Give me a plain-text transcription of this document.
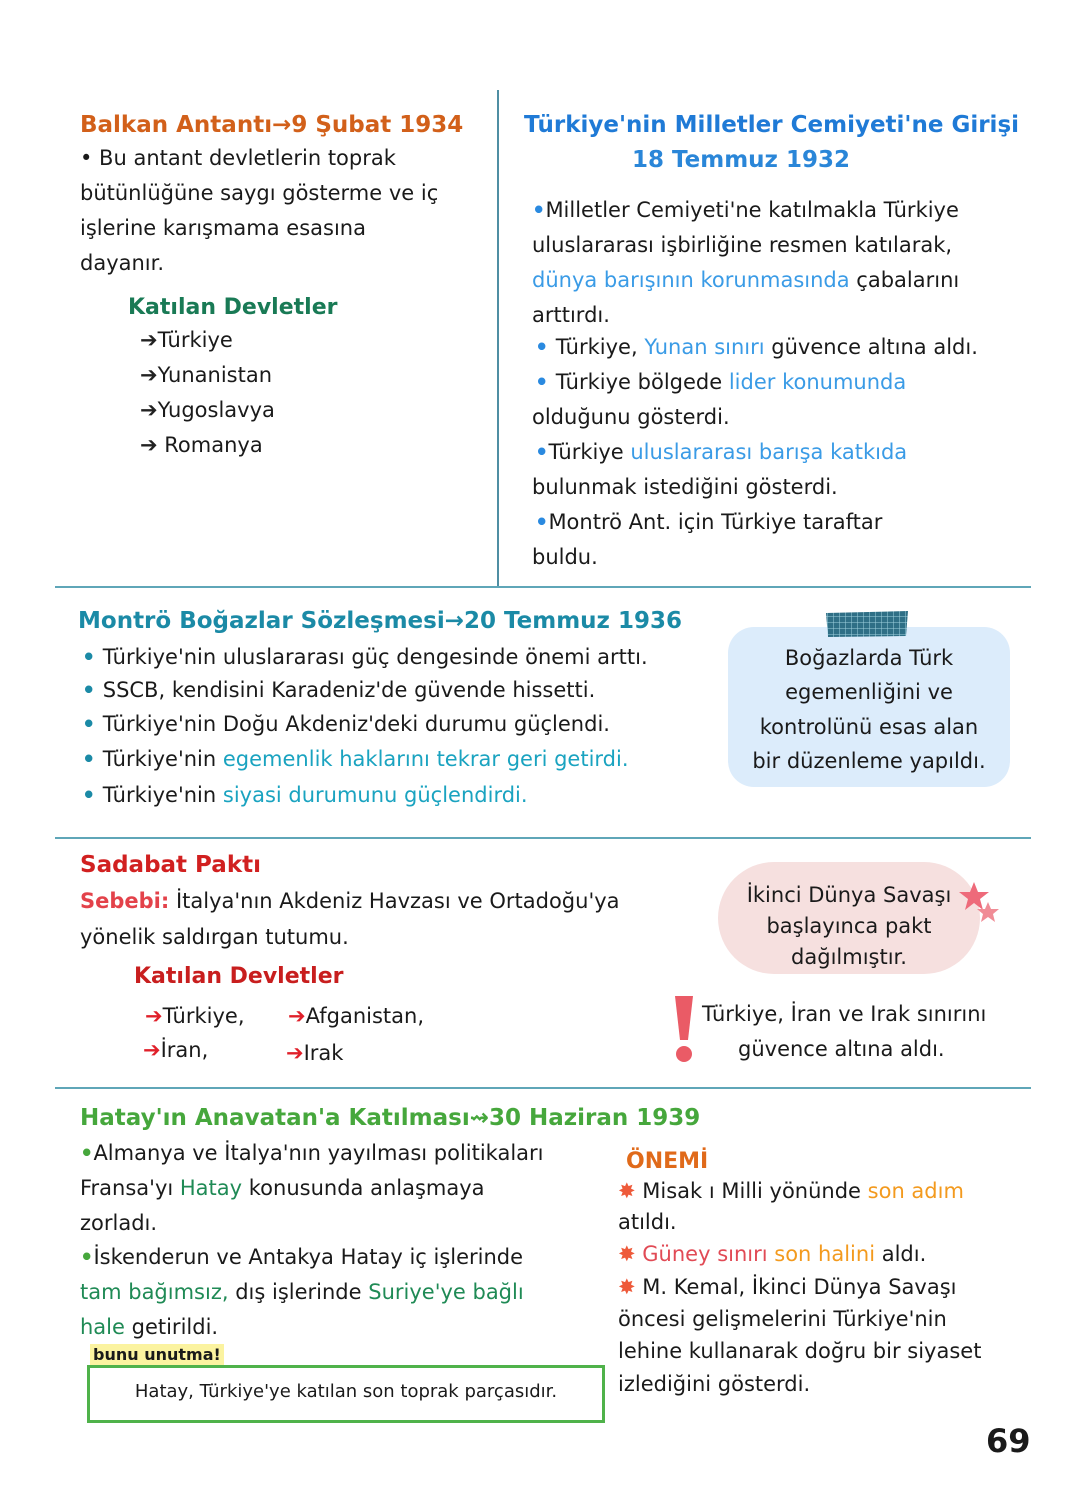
Balkan Antantı→9 Şubat 1934
• Bu antant devletlerin toprak
bütünlüğüne saygı gösterme ve iç
işlerine karışmama esasına
dayanır.
Katılan Devletler
➔Türkiye
➔Yunanistan
➔Yugoslavya
➔ Romanya
Türkiye'nin Milletler Cemiyeti'ne Girişi
18 Temmuz 1932
•Milletler Cemiyeti'ne katılmakla Türkiye
uluslararası işbirliğine resmen katılarak,
dünya barışının korunmasında çabalarını
arttırdı.
• Türkiye, Yunan sınırı güvence altına aldı.
• Türkiye bölgede lider konumunda
olduğunu gösterdi.
•Türkiye uluslararası barışa katkıda
bulunmak istediğini gösterdi.
•Montrö Ant. için Türkiye taraftar
buldu.
Montrö Boğazlar Sözleşmesi→20 Temmuz 1936
• Türkiye'nin uluslararası güç dengesinde önemi arttı.
• SSCB, kendisini Karadeniz'de güvende hissetti.
• Türkiye'nin Doğu Akdeniz'deki durumu güçlendi.
• Türkiye'nin egemenlik haklarını tekrar geri getirdi.
• Türkiye'nin siyasi durumunu güçlendirdi.
Boğazlarda Türk
egemenliğini ve
kontrolünü esas alan
bir düzenleme yapıldı.
Sadabat Paktı
Sebebi: İtalya'nın Akdeniz Havzası ve Ortadoğu'ya
yönelik saldırgan tutumu.
Katılan Devletler
➔Türkiye, ➔Afganistan,
➔İran,	➔Irak
İkinci Dünya Savaşı
başlayınca pakt
dağılmıştır.
Türkiye, İran ve Irak sınırını
güvence altına aldı.
Hatay'ın Anavatan'a Katılması⇝30 Haziran 1939
•Almanya ve İtalya'nın yayılması politikaları
Fransa'yı Hatay konusunda anlaşmaya
zorladı.
•İskenderun ve Antakya Hatay iç işlerinde
tam bağımsız, dış işlerinde Suriye'ye bağlı
hale getirildi.
bunu unutma!
Hatay, Türkiye'ye katılan son toprak parçasıdır.
ÖNEMİ
✸ Misak ı Milli yönünde son adım
atıldı.
✸ Güney sınırı son halini aldı.
✸ M. Kemal, İkinci Dünya Savaşı
öncesi gelişmelerini Türkiye'nin
lehine kullanarak doğru bir siyaset
izlediğini gösterdi.
69
